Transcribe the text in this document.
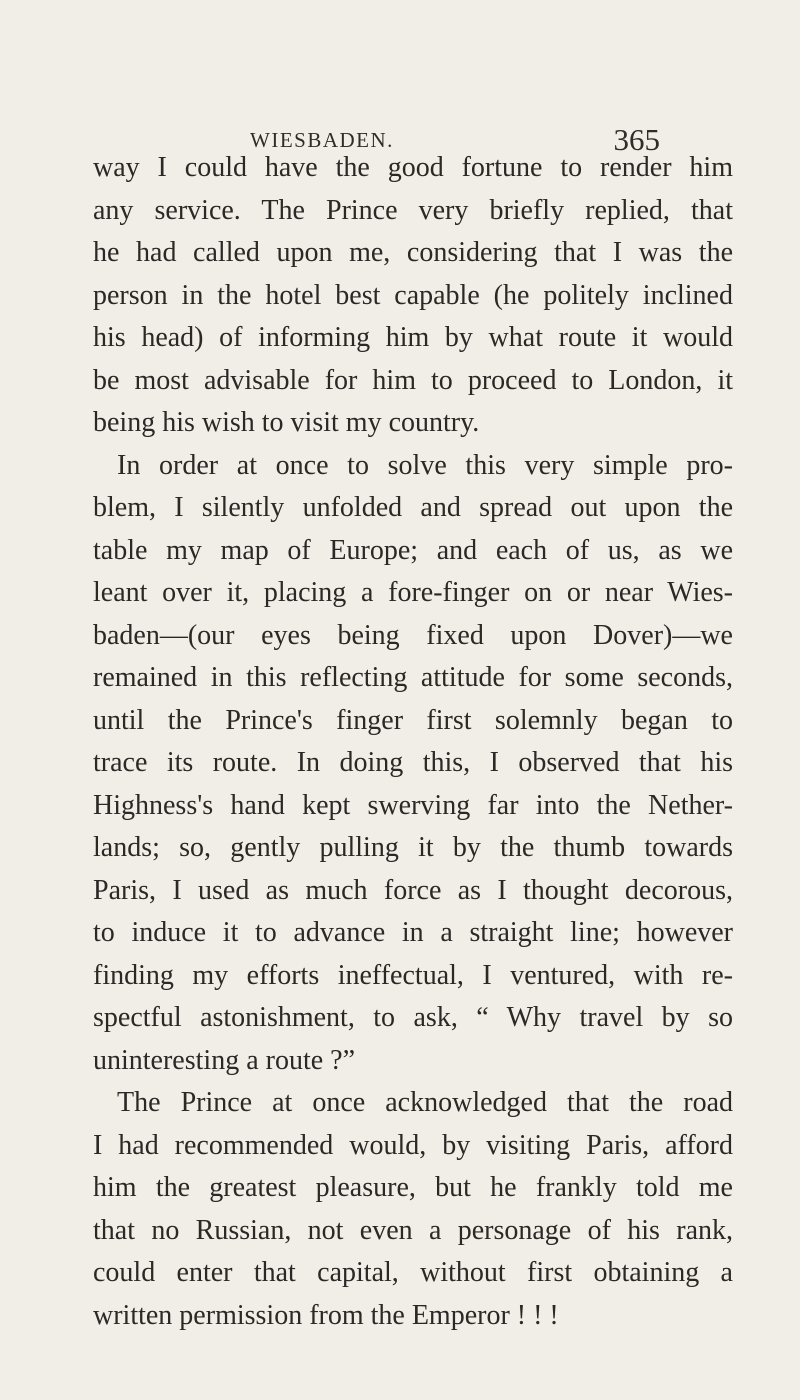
WIESBADEN.	365
way I could have the good fortune to render him
any service. The Prince very briefly replied, that
he had called upon me, considering that I was the
person in the hotel best capable (he politely inclined
his head) of informing him by what route it would
be most advisable for him to proceed to London, it
being his wish to visit my country.
In order at once to solve this very simple pro-
blem, I silently unfolded and spread out upon the
table my map of Europe; and each of us, as we
leant over it, placing a fore-finger on or near Wies-
baden—(our eyes being fixed upon Dover)—we
remained in this reflecting attitude for some seconds,
until the Prince's finger first solemnly began to
trace its route. In doing this, I observed that his
Highness's hand kept swerving far into the Nether-
lands; so, gently pulling it by the thumb towards
Paris, I used as much force as I thought decorous,
to induce it to advance in a straight line; however
finding my efforts ineffectual, I ventured, with re-
spectful astonishment, to ask, “ Why travel by so
uninteresting a route ?”
The Prince at once acknowledged that the road
I had recommended would, by visiting Paris, afford
him the greatest pleasure, but he frankly told me
that no Russian, not even a personage of his rank,
could enter that capital, without first obtaining a
written permission from the Emperor ! ! !
